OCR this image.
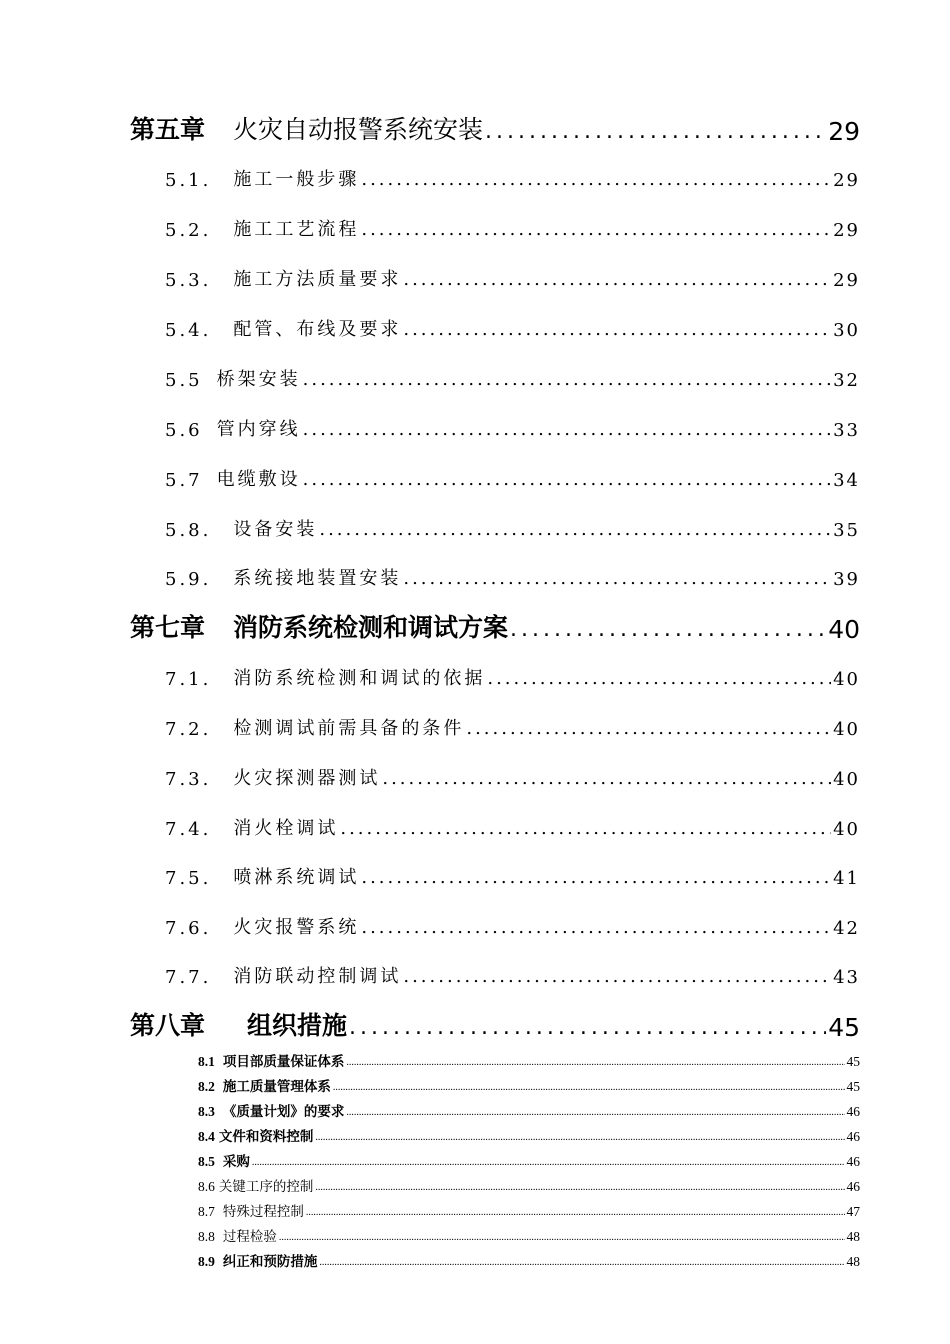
第五章 火灾自动报警系统安装 .....	29
5.1. 施工一般步骤 .....	29
5.2. 施工工艺流程 .....	29
5.3. 施工方法质量要求 .....	29
5.4. 配管、布线及要求 .....	30
5.5 桥架安装 .....	32
5.6 管内穿线 .....	33
5.7 电缆敷设 .....	34
5.8. 设备安装 .....	35
5.9. 系统接地装置安装 .....	39
第七章 消防系统检测和调试方案 .....	40
7.1. 消防系统检测和调试的依据 .....	40
7.2. 检测调试前需具备的条件 .....	40
7.3. 火灾探测器测试 .....	40
7.4. 消火栓调试 .....	40
7.5. 喷淋系统调试 .....	41
7.6. 火灾报警系统 .....	42
7.7. 消防联动控制调试 .....	43
第八章 组织措施 .....	45
8.1 项目部质量保证体系 .....	45
8.2 施工质量管理体系 .....	45
8.3 《质量计划》的要求 .....	46
8.4 文件和资料控制 .....	46
8.5 采购 .....	46
8.6 关键工序的控制 .....	46
8.7 特殊过程控制 .....	47
8.8 过程检验 .....	48
8.9 纠正和预防措施 .....	48
